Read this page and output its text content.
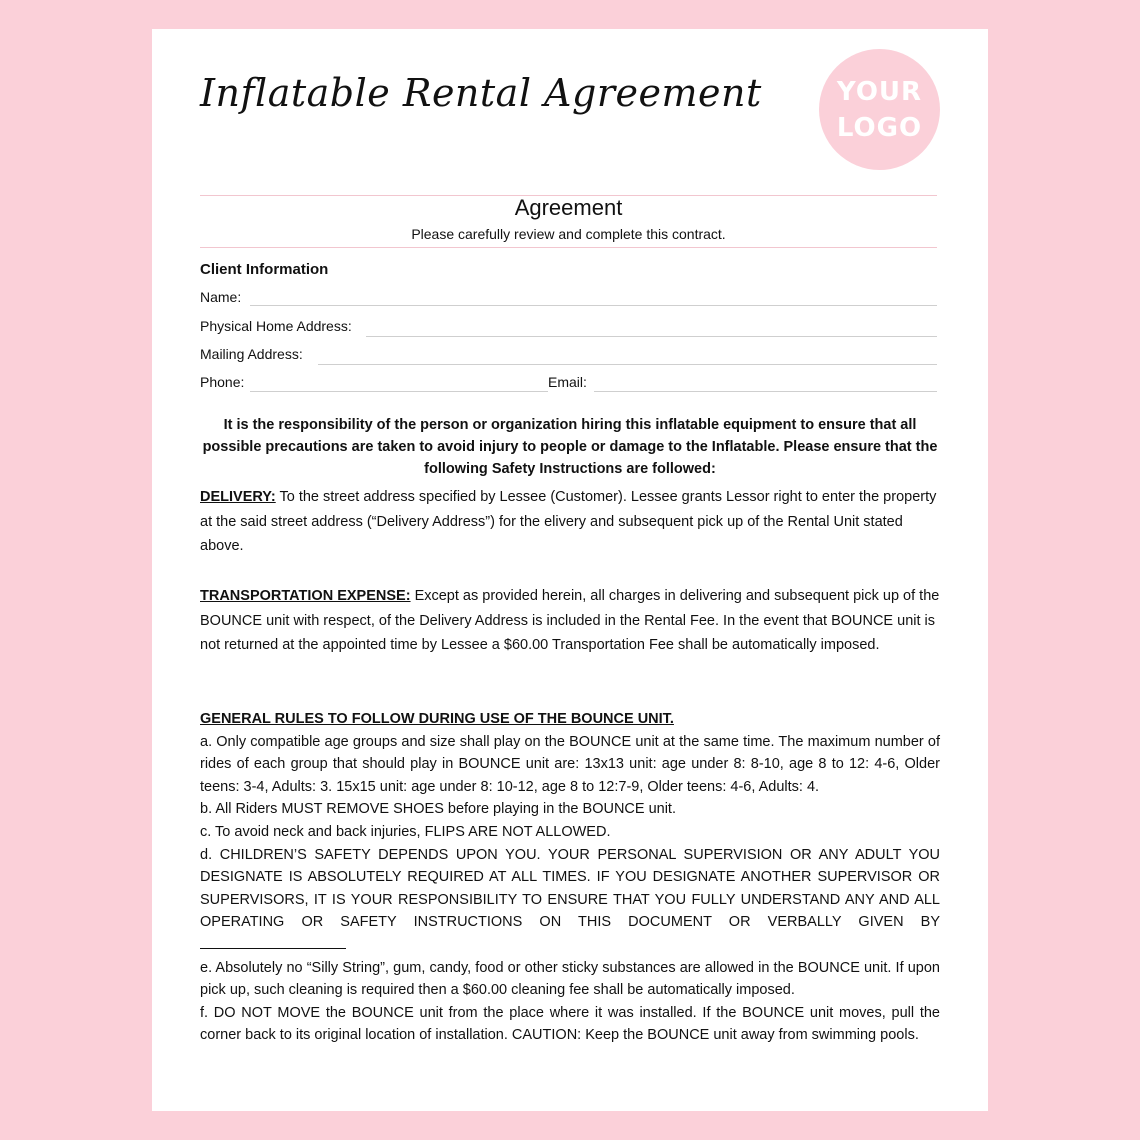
Inflatable Rental Agreement	YOUR
LOGO
Agreement
Please carefully review and complete this contract.
Client Information
Name:
Physical Home Address:
Mailing Address:
Phone:	Email:
It is the responsibility of the person or organization hiring this inflatable equipment to ensure that all possible precautions are taken to avoid injury to people or damage to the Inflatable. Please ensure that the following Safety Instructions are followed:
DELIVERY: To the street address specified by Lessee (Customer). Lessee grants Lessor right to enter the property at the said street address (“Delivery Address”) for the elivery and subsequent pick up of the Rental Unit stated above.
TRANSPORTATION EXPENSE: Except as provided herein, all charges in delivering and subsequent pick up of the BOUNCE unit with respect, of the Delivery Address is included in the Rental Fee. In the event that BOUNCE unit is not returned at the appointed time by Lessee a $60.00 Transportation Fee shall be automatically imposed.
GENERAL RULES TO FOLLOW DURING USE OF THE BOUNCE UNIT.
a. Only compatible age groups and size shall play on the BOUNCE unit at the same time. The maximum number of rides of each group that should play in BOUNCE unit are: 13x13 unit: age under 8: 8-10, age 8 to 12: 4-6, Older teens: 3-4, Adults: 3. 15x15 unit: age under 8: 10-12, age 8 to 12:7-9, Older teens: 4-6, Adults: 4.
b. All Riders MUST REMOVE SHOES before playing in the BOUNCE unit.
c. To avoid neck and back injuries, FLIPS ARE NOT ALLOWED.
d. CHILDREN’S SAFETY DEPENDS UPON YOU. YOUR PERSONAL SUPERVISION OR ANY ADULT YOU DESIGNATE IS ABSOLUTELY REQUIRED AT ALL TIMES. IF YOU DESIGNATE ANOTHER SUPERVISOR OR SUPERVISORS, IT IS YOUR RESPONSIBILITY TO ENSURE THAT YOU FULLY UNDERSTAND ANY AND ALL OPERATING OR SAFETY INSTRUCTIONS ON THIS DOCUMENT OR VERBALLY GIVEN BY
e. Absolutely no “Silly String”, gum, candy, food or other sticky substances are allowed in the BOUNCE unit. If upon pick up, such cleaning is required then a $60.00 cleaning fee shall be automatically imposed.
f. DO NOT MOVE the BOUNCE unit from the place where it was installed. If the BOUNCE unit moves, pull the corner back to its original location of installation. CAUTION: Keep the BOUNCE unit away from swimming pools.
